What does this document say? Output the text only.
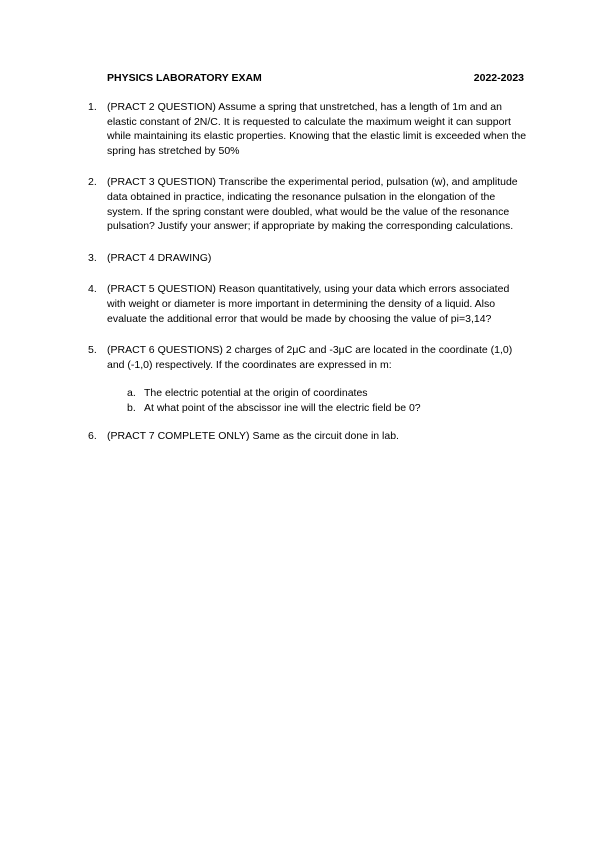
PHYSICS LABORATORY EXAM	2022-2023
1. (PRACT 2 QUESTION) Assume a spring that unstretched, has a length of 1m and an elastic constant of 2N/C. It is requested to calculate the maximum weight it can support while maintaining its elastic properties. Knowing that the elastic limit is exceeded when the spring has stretched by 50%
2. (PRACT 3 QUESTION) Transcribe the experimental period, pulsation (w), and amplitude data obtained in practice, indicating the resonance pulsation in the elongation of the system. If the spring constant were doubled, what would be the value of the resonance pulsation? Justify your answer; if appropriate by making the corresponding calculations.
3. (PRACT 4 DRAWING)
4. (PRACT 5 QUESTION) Reason quantitatively, using your data which errors associated with weight or diameter is more important in determining the density of a liquid. Also evaluate the additional error that would be made by choosing the value of pi=3,14?
5. (PRACT 6 QUESTIONS) 2 charges of 2μC and -3μC are located in the coordinate (1,0) and (-1,0) respectively. If the coordinates are expressed in m:
a. The electric potential at the origin of coordinates
b. At what point of the abscissor ine will the electric field be 0?
6. (PRACT 7 COMPLETE ONLY) Same as the circuit done in lab.
